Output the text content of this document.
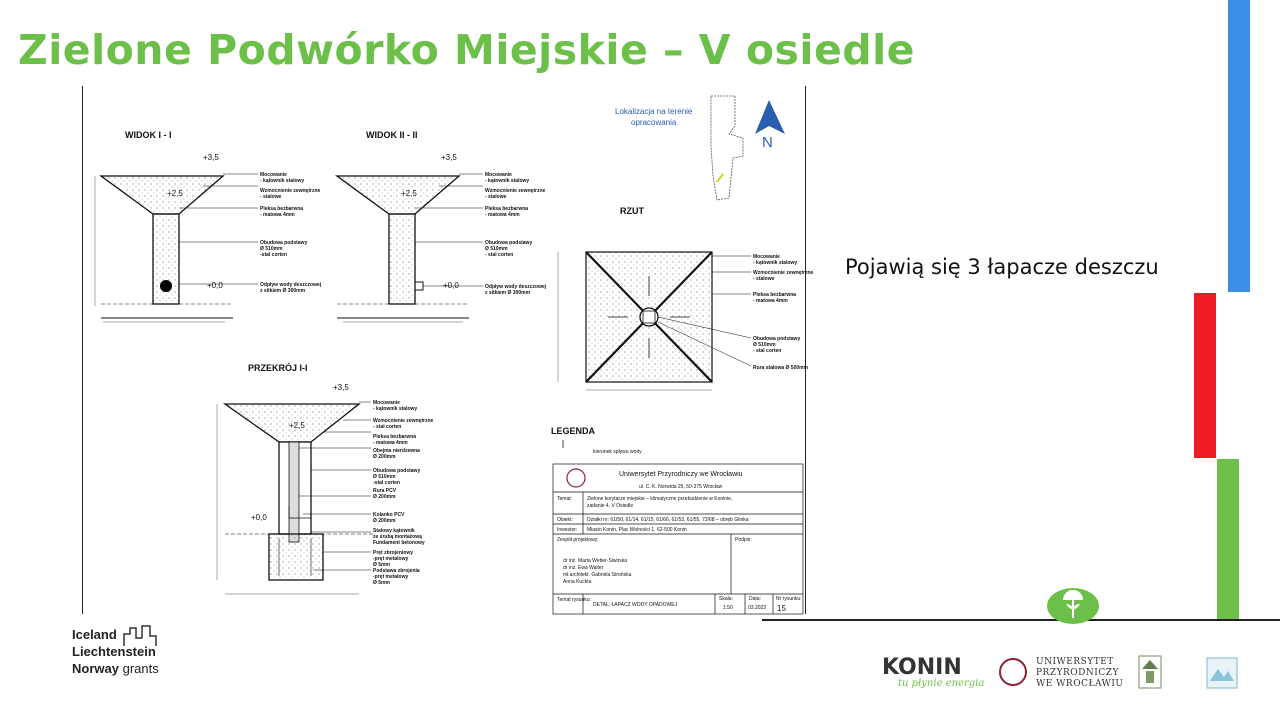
Zielone Podwórko Miejskie – V osiedle
WIDOK I - I
+3,5
+2,5
+0,0
Mocowanie
- kątownik stalowy
Wzmocnienie zewnętrzne
- stalowe
Pleksa bezbarwna
- matowa 4mm
Obudowa podstawy
Ø 510mm
-stal corten
Odpływ wody deszczowej
z sitkiem Ø 300mm
WIDOK II - II
+3,5
+2,5
+0,0
Mocowanie
- kątownik stalowy
Wzmocnienie zewnętrzne
- stalowe
Pleksa bezbarwna
- matowa 4mm
Obudowa podstawy
Ø 510mm
- stal corten
Odpływ wody deszczowej
z sitkiem Ø 300mm
Lokalizacja na terenie
opracowania
N
RZUT
Mocowanie
- kątownik stalowy
Wzmocnienie zewnętrzne
- stalowe
Pleksa bezbarwna
- matowa 4mm
Obudowa podstawy
Ø 510mm
- stal corten
Rura stalowa Ø 500mm
PRZEKRÓJ I-I
+3,5
+2,5
+0,0
Mocowanie
- kątownik stalowy
Wzmocnienie zewnętrzne
- stal corten
Pleksa bezbarwna
- matowa 4mm
Obejma nierdzewna
Ø 200mm
Obudowa podstawy
Ø 510mm
-stal corten
Rura PCV
Ø 200mm
Kolanko PCV
Ø 200mm
Stalowy kątownik
ze śrubą montażową
Fundament betonowy
Pręt zbrojeniowy
-pręt metalowy
Ø 5mm
Podstawa zbrojenia
-pręt metalowy
Ø 5mm
LEGENDA
kierunek spływu wody
Uniwersytet Przyrodniczy we Wrocławiu
ul. C. K. Norwida 25, 50-375 Wrocław
Temat:	Zielone korytarze miejskie – klimatyczne przebudzenie w Koninie,
zadanie 4. V Osiedle
Obiekt:	Działki nr: 61/50, 61/14, 61/15, 61/66, 61/53, 61/55, 72/68 – obręb Glinka
Inwestor: Miasto Konin, Plac Wolności 1, 62-500 Konin
Zespół projektowy:	Podpis:
dr inż. Marta Weber-Siwirska
dr inż. Ewa Walter
mł.architekt. Gabriela Strońska
Anna Kuckta
Temat rysunku:
DETAL: ŁAPACZ WODY OPADOWEJ
Skala:
1:50
Data:
03.2023
Nr rysunku:
15
Pojawią się 3 łapacze deszczu
Iceland
Liechtenstein
Norway grants	KONIN
tu płynie energia
UNIWERSYTET
PRZYRODNICZY
WE WROCŁAWIU
